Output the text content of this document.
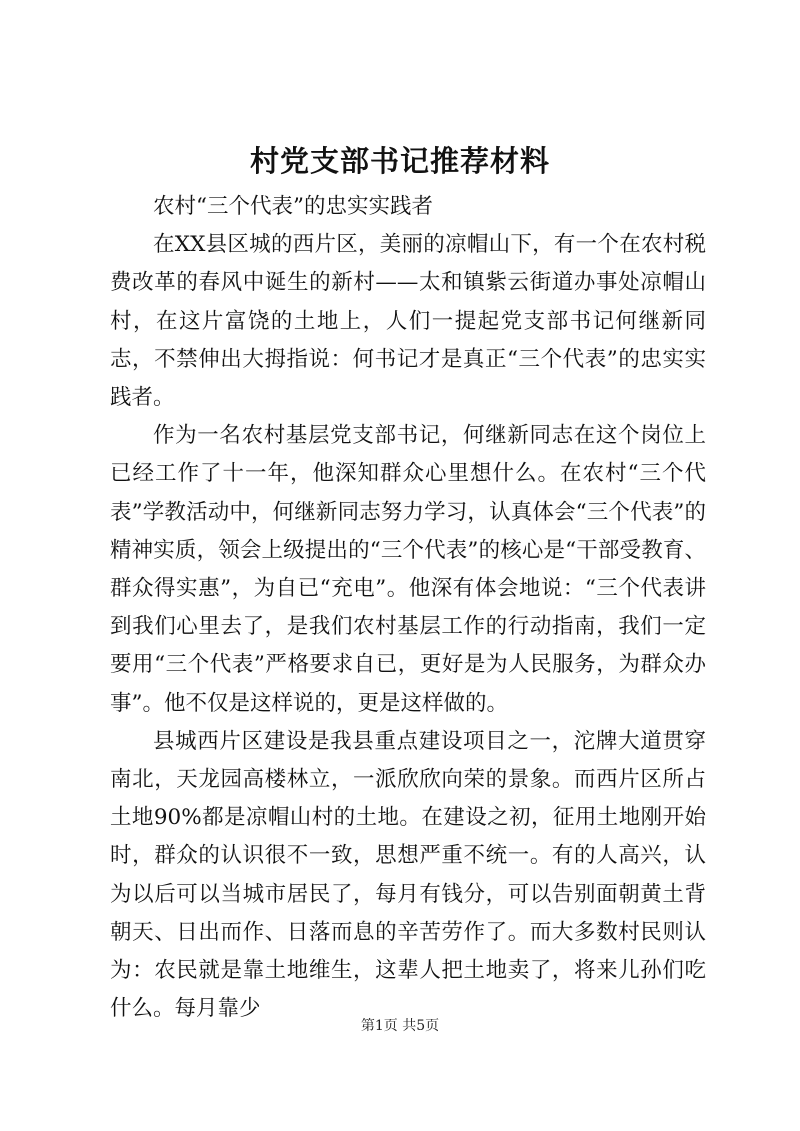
村党支部书记推荐材料

农村“三个代表”的忠实实践者

在XX县区城的西片区，美丽的凉帽山下，有一个在农村税费改革的春风中诞生的新村——太和镇紫云街道办事处凉帽山村，在这片富饶的土地上，人们一提起党支部书记何继新同志，不禁伸出大拇指说：何书记才是真正“三个代表”的忠实实践者。

作为一名农村基层党支部书记，何继新同志在这个岗位上已经工作了十一年，他深知群众心里想什么。在农村“三个代表”学教活动中，何继新同志努力学习，认真体会“三个代表”的精神实质，领会上级提出的“三个代表”的核心是“干部受教育、群众得实惠”，为自已“充电”。他深有体会地说：“三个代表讲到我们心里去了，是我们农村基层工作的行动指南，我们一定要用“三个代表”严格要求自已，更好是为人民服务，为群众办事”。他不仅是这样说的，更是这样做的。

县城西片区建设是我县重点建设项目之一，沱牌大道贯穿南北，天龙园高楼林立，一派欣欣向荣的景象。而西片区所占土地90%都是凉帽山村的土地。在建设之初，征用土地刚开始时，群众的认识很不一致，思想严重不统一。有的人高兴，认为以后可以当城市居民了，每月有钱分，可以告别面朝黄土背朝天、日出而作、日落而息的辛苦劳作了。而大多数村民则认为：农民就是靠土地维生，这辈人把土地卖了，将来儿孙们吃什么。每月靠少

第1页 共5页
